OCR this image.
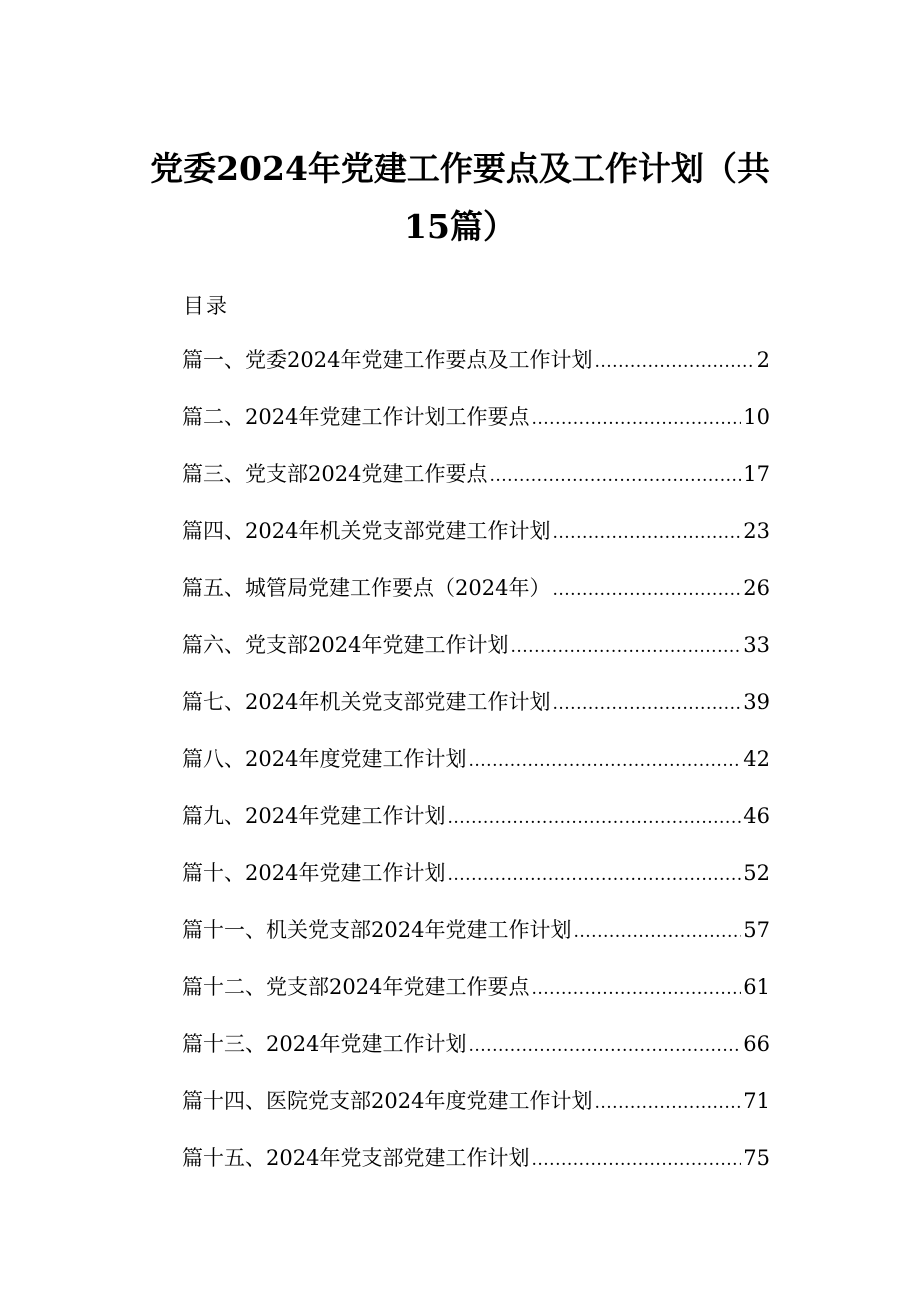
党委2024年党建工作要点及工作计划（共
15篇）
目录
篇一、党委2024年党建工作要点及工作计划 .....	2
篇二、2024年党建工作计划工作要点 .....	10
篇三、党支部2024党建工作要点 .....	17
篇四、2024年机关党支部党建工作计划 .....	23
篇五、城管局党建工作要点（2024年） .....	26
篇六、党支部2024年党建工作计划 .....	33
篇七、2024年机关党支部党建工作计划 .....	39
篇八、2024年度党建工作计划 .....	42
篇九、2024年党建工作计划 .....	46
篇十、2024年党建工作计划 .....	52
篇十一、机关党支部2024年党建工作计划 .....	57
篇十二、党支部2024年党建工作要点 .....	61
篇十三、2024年党建工作计划 .....	66
篇十四、医院党支部2024年度党建工作计划 .....	71
篇十五、2024年党支部党建工作计划 .....	75
